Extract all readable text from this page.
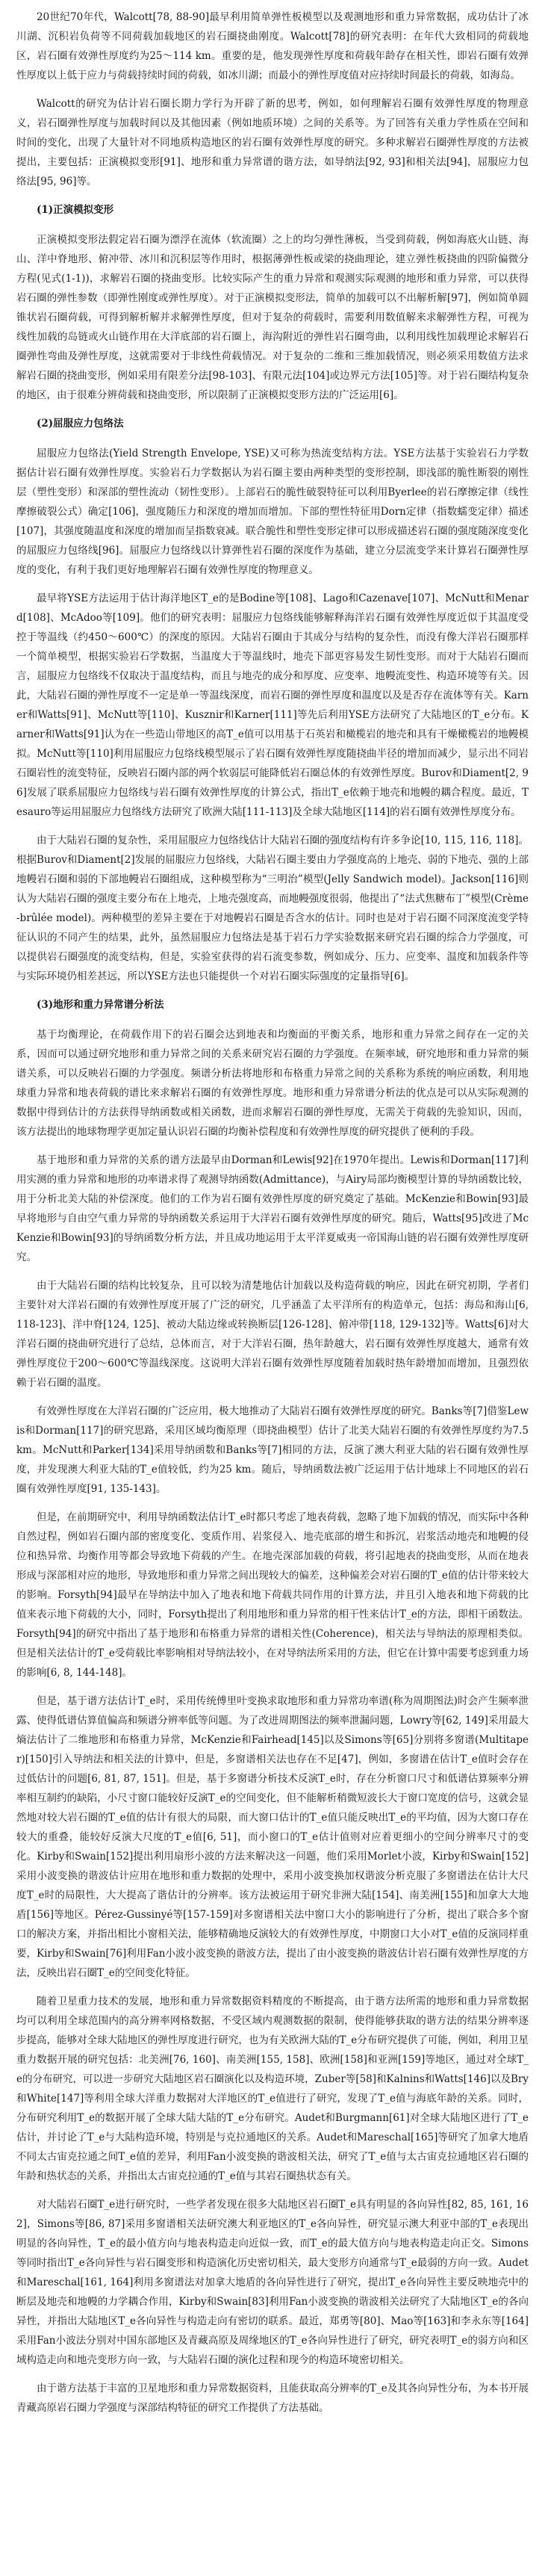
20世纪70年代，Walcott[78, 88-90]最早利用简单弹性板模型以及观测地形和重力异常数据，成功估计了冰川湖、沉积岩负荷等不同荷载加载地区的岩石圈挠曲刚度。Walcott[78]的研究表明：在年代大致相同的荷载地区，岩石圈有效弹性厚度约为25～114 km。重要的是，他发现弹性厚度和荷载年龄存在相关性，即岩石圈有效弹性厚度以上低于应力与荷载持续时间的荷载，如冰川湖；而最小的弹性厚度值对应持续时间最长的荷载，如海岛。

Walcott的研究为估计岩石圈长期力学行为开辟了新的思考，例如，如何理解岩石圈有效弹性厚度的物理意义，岩石圈弹性厚度与加载时间以及其他因素（例如地质环境）之间的关系等。为了回答有关重力学性质在空间和时间的变化，出现了大量针对不同地质构造地区的岩石圈有效弹性厚度的研究。多种求解岩石圈弹性厚度的方法被提出，主要包括：正演模拟变形[91]、地形和重力异常谱的谐方法，如导纳法[92, 93]和相关法[94]，屈服应力包络法[95, 96]等。

(1)正演模拟变形

正演模拟变形法假定岩石圈为漂浮在流体（软流圈）之上的均匀弹性薄板，当受到荷载，例如海底火山链、海山、洋中脊地形、俯冲带、冰川和沉积层等作用时，根据薄弹性板或梁的挠曲理论，建立弹性板挠曲的四阶偏微分方程(见式(1-1))，求解岩石圈的挠曲变形。比较实际产生的重力异常和观测实际观测的地形和重力异常，可以获得岩石圈的弹性参数（即弹性刚度或弹性厚度）。对于正演模拟变形法，简单的加载可以不出解析解[97]，例如简单圆锥状岩石圈荷载，可得到解析解并求解弹性厚度，但对于复杂的荷载时，需要利用数值解来求解弹性方程，可视为线性加载的岛链或火山链作用在大洋底部的岩石圈上，海沟附近的弹性岩石圈弯曲，以利用线性加载理论求解岩石圈弹性弯曲及弹性厚度，这就需要对于非线性荷载情况。对于复杂的二维和三维加载情况，则必须采用数值方法求解岩石圈的挠曲变形，例如采用有限差分法[98-103]、有限元法[104]或边界元方法[105]等。对于岩石圈结构复杂的地区，由于很难分辨荷载和挠曲变形，所以限制了正演模拟变形方法的广泛运用[6]。

(2)屈服应力包络法

屈服应力包络法(Yield Strength Envelope, YSE)又可称为热流变结构方法。YSE方法基于实验岩石力学数据估计岩石圈有效弹性厚度。实验岩石力学数据认为岩石圈主要由两种类型的变形控制，即浅部的脆性断裂的刚性层（塑性变形）和深部的塑性流动（韧性变形）。上部岩石的脆性破裂特征可以利用Byerlee的岩石摩擦定律（线性摩擦破裂公式）确定[106]，强度随压力和深度的增加而增加。下部的塑性特征用Dorn定律（指数蠕变定律）描述[107]，其强度随温度和深度的增加而呈指数衰减。联合脆性和塑性变形定律可以形成描述岩石圈的强度随深度变化的屈服应力包络线[96]。屈服应力包络线以计算弹性岩石圈的深度作为基础，建立分层流变学来计算岩石圈弹性厚度的变化，有利于我们更好地理解岩石圈有效弹性厚度的物理意义。

最早将YSE方法运用于估计海洋地区T_e的是Bodine等[108]、Lago和Cazenave[107]、McNutt和Menard[108]、McAdoo等[109]。他们的研究表明：屈服应力包络线能够解释海洋岩石圈有效弹性厚度近似于其温度受控于等温线（约450～600℃）的深度的原因。大陆岩石圈由于其成分与结构的复杂性，而没有像大洋岩石圈那样一个简单模型，根据实验岩石学数据，当温度大于等温线时，地壳下部更容易发生韧性变形。而对于大陆岩石圈而言，屈服应力包络线不仅取决于温度结构，而且与地壳的成分和厚度、应变率、地幔流变性、构造环境等有关。因此，大陆岩石圈的弹性厚度不一定是单一等温线深度，而岩石圈的弹性厚度和温度以及是否存在流体等有关。Karner和Watts[91]、McNutt等[110]、Kusznir和Karner[111]等先后利用YSE方法研究了大陆地区的T_e分布。Karner和Watts[91]认为在一些造山带地区的高T_e值可以用基于石英岩和橄榄岩的地壳和具有干燥橄榄岩的地幔模拟。McNutt等[110]利用屈服应力包络线模型展示了岩石圈有效弹性厚度随挠曲半径的增加而减少，显示出不同岩石圈岩性的流变特征，反映岩石圈内部的两个软弱层可能降低岩石圈总体的有效弹性厚度。Burov和Diament[2, 96]发展了联系屈服应力包络线与岩石圈有效弹性厚度的计算公式，指出T_e依赖于地壳和地幔的耦合程度。最近，Tesauro等运用屈服应力包络线方法研究了欧洲大陆[111-113]及全球大陆地区[114]的岩石圈有效弹性厚度分布。

由于大陆岩石圈的复杂性，采用屈服应力包络线估计大陆岩石圈的强度结构有许多争论[10, 115, 116, 118]。根据Burov和Diament[2]发展的屈服应力包络线，大陆岩石圈主要由力学强度高的上地壳、弱的下地壳、强的上部地幔岩石圈和弱的下部地幔岩石圈组成，这种模型称为“三明治”模型(Jelly Sandwich model)。Jackson[116]则认为大陆岩石圈的强度主要分布在上地壳，上地壳强度高，而地幔强度很弱，他提出了“法式焦糖布丁”模型(Crème-brûlée model)。两种模型的差异主要在于对地幔岩石圈是否含水的估计。同时也是对于岩石圈不同深度流变学特征认识的不同产生的结果，此外，虽然屈服应力包络法是基于岩石力学实验数据来研究岩石圈的综合力学强度，可以提供岩石圈强度的流变结构，但是，实验室获得的岩石流变参数，例如成分、压力、应变率、温度和加载条件等与实际环境仍相差甚远，所以YSE方法也只能提供一个对岩石圈实际强度的定量指导[6]。

(3)地形和重力异常谱分析法

基于均衡理论，在荷载作用下的岩石圈会达到地表和均衡面的平衡关系，地形和重力异常之间存在一定的关系，因而可以通过研究地形和重力异常之间的关系来研究岩石圈的力学强度。在频率域，研究地形和重力异常的频谱关系，可以反映岩石圈的力学强度。频谱分析法将地形和布格重力异常之间的关系称为系统的响应函数，利用地球重力异常和地表荷载的谱比来求解岩石圈的有效弹性厚度。地形和重力异常谱分析法的优点是可以从实际观测的数据中得到估计的方法获得导纳函数或相关函数，进而求解岩石圈的弹性厚度，无需关于荷载的先验知识，因而，该方法提出的地球物理学更加定量认识岩石圈的均衡补偿程度和有效弹性厚度的研究提供了便利的手段。

基于地形和重力异常的关系的谱方法最早由Dorman和Lewis[92]在1970年提出。Lewis和Dorman[117]利用实测的重力异常和地形的功率谱求得了观测导纳函数(Admittance)，与Airy局部均衡模型计算的导纳函数比较，用于分析北美大陆的补偿深度。他们的工作为岩石圈有效弹性厚度的研究奠定了基础。McKenzie和Bowin[93]最早将地形与自由空气重力异常的导纳函数关系运用于大洋岩石圈有效弹性厚度的研究。随后，Watts[95]改进了McKenzie和Bowin[93]的导纳函数分析方法，并且成功地运用于太平洋夏威夷一帝国海山链的岩石圈有效弹性厚度研究。

由于大陆岩石圈的结构比较复杂，且可以较为清楚地估计加载以及构造荷载的响应，因此在研究初期，学者们主要针对大洋岩石圈的有效弹性厚度开展了广泛的研究，几乎涵盖了太平洋所有的构造单元，包括：海岛和海山[6, 118-123]、洋中脊[124, 125]、被动大陆边缘或转换断层[126-128]、俯冲带[118, 129-132]等。Watts[6]对大洋岩石圈的挠曲研究进行了总结，总体而言，对于大洋岩石圈，热年龄越大，岩石圈有效弹性厚度越大，通常有效弹性厚度位于200～600℃等温线深度。这说明大洋岩石圈有效弹性厚度随着加载时热年龄增加而增加，且强烈依赖于岩石圈的温度。

有效弹性厚度在大洋岩石圈的广泛应用，极大地推动了大陆岩石圈有效弹性厚度的研究。Banks等[7]借鉴Lewis和Dorman[117]的研究思路，采用区域均衡原理（即挠曲模型）估计了北美大陆岩石圈的有效弹性厚度约为7.5 km。McNutt和Parker[134]采用导纳函数和Banks等[7]相同的方法，反演了澳大利亚大陆的岩石圈有效弹性厚度，并发现澳大利亚大陆的T_e值较低，约为25 km。随后，导纳函数法被广泛运用于估计地球上不同地区的岩石圈有效弹性厚度[91, 135-143]。

但是，在前期研究中，利用导纳函数法估计T_e时都只考虑了地表荷载，忽略了地下加载的情况，而实际中各种自然过程，例如岩石圈内部的密度变化、变质作用、岩浆侵入、地壳底部的增生和拆沉，岩浆活动地壳和地幔的侵位和热异常、均衡作用等都会导致地下荷载的产生。在地壳深部加载的荷载，将引起地表的挠曲变形，从而在地表形成与深部相对应的地形，导致地形和重力异常之间出现较大的偏差，这种偏差会对岩石圈的T_e值的估计带来较大的影响。Forsyth[94]最早在导纳法中加入了地表和地下荷载共同作用的计算方法，并且引入地表和地下荷载的比值来表示地下荷载的大小，同时，Forsyth提出了利用地形和重力异常的相干性来估计T_e的方法，即相干函数法。Forsyth[94]的研究中指出了基于地形和布格重力异常的谱相关性(Coherence)，相关法与导纳法的原理相类似。但是相关法估计的T_e受荷载比率影响相对导纳法较小，在对导纳法所采用的方法，但它在计算中需要考虑到重力场的影响[6, 8, 144-148]。

但是，基于谱方法估计T_e时，采用传统傅里叶变换求取地形和重力异常功率谱(称为周期图法)时会产生频率泄露、使得低谱估算值偏高和频谱分辨率低等问题。为了改进周期图法的频率泄漏问题，Lowry等[62, 149]采用最大熵法估计了二维地形和布格重力异常，McKenzie和Fairhead[145]以及Simons等[65]分别将多窗谱(Multitaper)[150]引入导纳法和相关法的计算中，但是，多窗谱相关法也存在不足[47]，例如，多窗谱在估计T_e值时会存在过低估计的问题[6, 81, 87, 151]。但是，基于多窗谱分析技术反演T_e时，存在分析窗口尺寸和低谱估算频率分辨率相互制约的缺陷，小尺寸窗口能较好反演T_e的空间变化，但不能解析稍微短波长大于窗口宽度的信号，这就会显然地对较大岩石圈的T_e值的估计有很大的局限，而大窗口估计的T_e值只能反映出T_e的平均值，因为大窗口存在较大的重叠，能较好反演大尺度的T_e值[6, 51]，而小窗口的T_e估计值则对应着更细小的空间分辨率尺寸的变化。Kirby和Swain[152]提出利用扇形小波的方法来解决这一问题，他们采用Morlet小波，Kirby和Swain[152]采用小波变换的谐波估计应用在地形和重力数据的处理中，采用小波变换加权谐波分析克服了多窗谱法在估计大尺度T_e时的局限性，大大提高了谐估计的分辨率。该方法被运用于研究非洲大陆[154]、南美洲[155]和加拿大大地盾[156]等地区。Pérez-Gussinyé等[157-159]对多窗谱相关法中窗口大小的影响进行了分析，提出了联合多个窗口的解决方案，并指出相比小窗相关法，能够精确地反演较大的有效弹性厚度，中期窗口大小对T_e值的反演同样重要，Kirby和Swain[76]利用Fan小波小波变换的谐波方法，提出了由小波变换的谐波估计岩石圈有效弹性厚度的方法，反映出岩石圈T_e的空间变化特征。

随着卫星重力技术的发展，地形和重力异常数据资料精度的不断提高，由于谐方法所需的地形和重力异常数据均可以利用全球范围内的高分辨率网格数据，不受区域内观测数据的限制，使得能够获取的谐方法的结果分辨率逐步提高，能够对全球大陆地区的弹性厚度进行研究，也为有关欧洲大陆的T_e分布研究提供了可能，例如，利用卫星重力数据开展的研究包括：北美洲[76, 160]、南美洲[155, 158]、欧洲[158]和亚洲[159]等地区，通过对全球T_e的分布研究，可以进一步研究大陆地区岩石圈演化以及构造环境，Zuber等[58]和Kalnins和Watts[146]以及Bry和White[147]等利用全球大洋重力数据对大洋地区的T_e值进行了研究，发现了T_e值与海底年龄的关系。同时，分布研究利用T_e的数据开展了全球大陆大陆的T_e分布研究。Audet和Burgmann[61]对全球大陆地区进行了T_e估计，并讨论了T_e与大陆构造环境，特别是与克拉通地区的关系。Audet和Mareschal[165]等研究了加拿大地盾不同太古宙克拉通之间T_e值的差异，利用Fan小波变换的谐波相关法，研究了T_e值与太古宙克拉通地区岩石圈的年龄和热状态的关系，并指出太古宙克拉通的T_e值与其岩石圈热状态有关。

对大陆岩石圈T_e进行研究时，一些学者发现在很多大陆地区岩石圈T_e具有明显的各向异性[82, 85, 161, 162]，Simons等[86, 87]采用多窗谱相关法研究澳大利亚地区的T_e各向异性，研究显示澳大利亚中部的T_e表现出明显的各向异性，T_e的最小值方向与地表构造走向近似一致，而T_e的最大值方向与地表构造走向正交。Simons等同时指出T_e各向异性与岩石圈变形和构造演化历史密切相关，最大变形方向通常与T_e最弱的方向一致。Audet和Mareschal[161, 164]利用多窗谱法对加拿大地盾的各向异性进行了研究，提出T_e各向异性主要反映地壳中的断层及地壳和地幔的力学耦合作用，Kirby和Swain[83]利用Fan小波变换的谐波相关法研究了大陆地区T_e的各向异性，并指出大陆地区T_e各向异性与构造走向有密切的联系。最近，郑勇等[80]、Mao等[163]和李永东等[164]采用Fan小波法分别对中国东部地区及青藏高原及周缘地区的T_e各向异性进行了研究，研究表明T_e的弱方向和区域构造走向和地壳变形方向一致，与大陆岩石圈的演化过程和现今的构造环境密切相关。

由于谐方法基于丰富的卫星地形和重力异常数据资料，且能获取高分辨率的T_e及其各向异性分布，为本书开展青藏高原岩石圈力学强度与深部结构特征的研究工作提供了方法基础。
